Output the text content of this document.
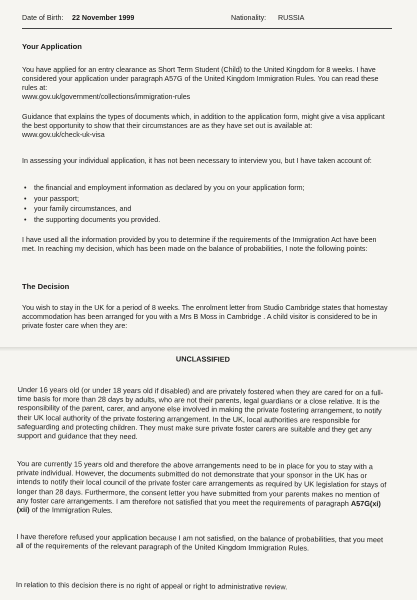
Date of Birth: 22 November 1999	Nationality: RUSSIA
Your Application

You have applied for an entry clearance as Short Term Student (Child) to the United Kingdom for 8 weeks. I have considered your application under paragraph A57G of the United Kingdom Immigration Rules. You can read these rules at:
www.gov.uk/government/collections/immigration-rules

Guidance that explains the types of documents which, in addition to the application form, might give a visa applicant the best opportunity to show that their circumstances are as they have set out is available at:
www.gov.uk/check-uk-visa

In assessing your individual application, it has not been necessary to interview you, but I have taken account of:

• the financial and employment information as declared by you on your application form;
• your passport;
• your family circumstances, and
• the supporting documents you provided.

I have used all the information provided by you to determine if the requirements of the Immigration Act have been met. In reaching my decision, which has been made on the balance of probabilities, I note the following points:

The Decision

You wish to stay in the UK for a period of 8 weeks. The enrolment letter from Studio Cambridge states that homestay accommodation has been arranged for you with a Mrs B Moss in Cambridge . A child visitor is considered to be in private foster care when they are:

UNCLASSIFIED

Under 16 years old (or under 18 years old if disabled) and are privately fostered when they are cared for on a full-time basis for more than 28 days by adults, who are not their parents, legal guardians or a close relative. It is the responsibility of the parent, carer, and anyone else involved in making the private fostering arrangement, to notify their UK local authority of the private fostering arrangement. In the UK, local authorities are responsible for safeguarding and protecting children. They must make sure private foster carers are suitable and they get any support and guidance that they need.

You are currently 15 years old and therefore the above arrangements need to be in place for you to stay with a private individual. However, the documents submitted do not demonstrate that your sponsor in the UK has or intends to notify their local council of the private foster care arrangements as required by UK legislation for stays of longer than 28 days. Furthermore, the consent letter you have submitted from your parents makes no mention of any foster care arrangements. I am therefore not satisfied that you meet the requirements of paragraph A57G(xi)(xii) of the Immigration Rules.

I have therefore refused your application because I am not satisfied, on the balance of probabilities, that you meet all of the requirements of the relevant paragraph of the United Kingdom Immigration Rules.

In relation to this decision there is no right of appeal or right to administrative review.
